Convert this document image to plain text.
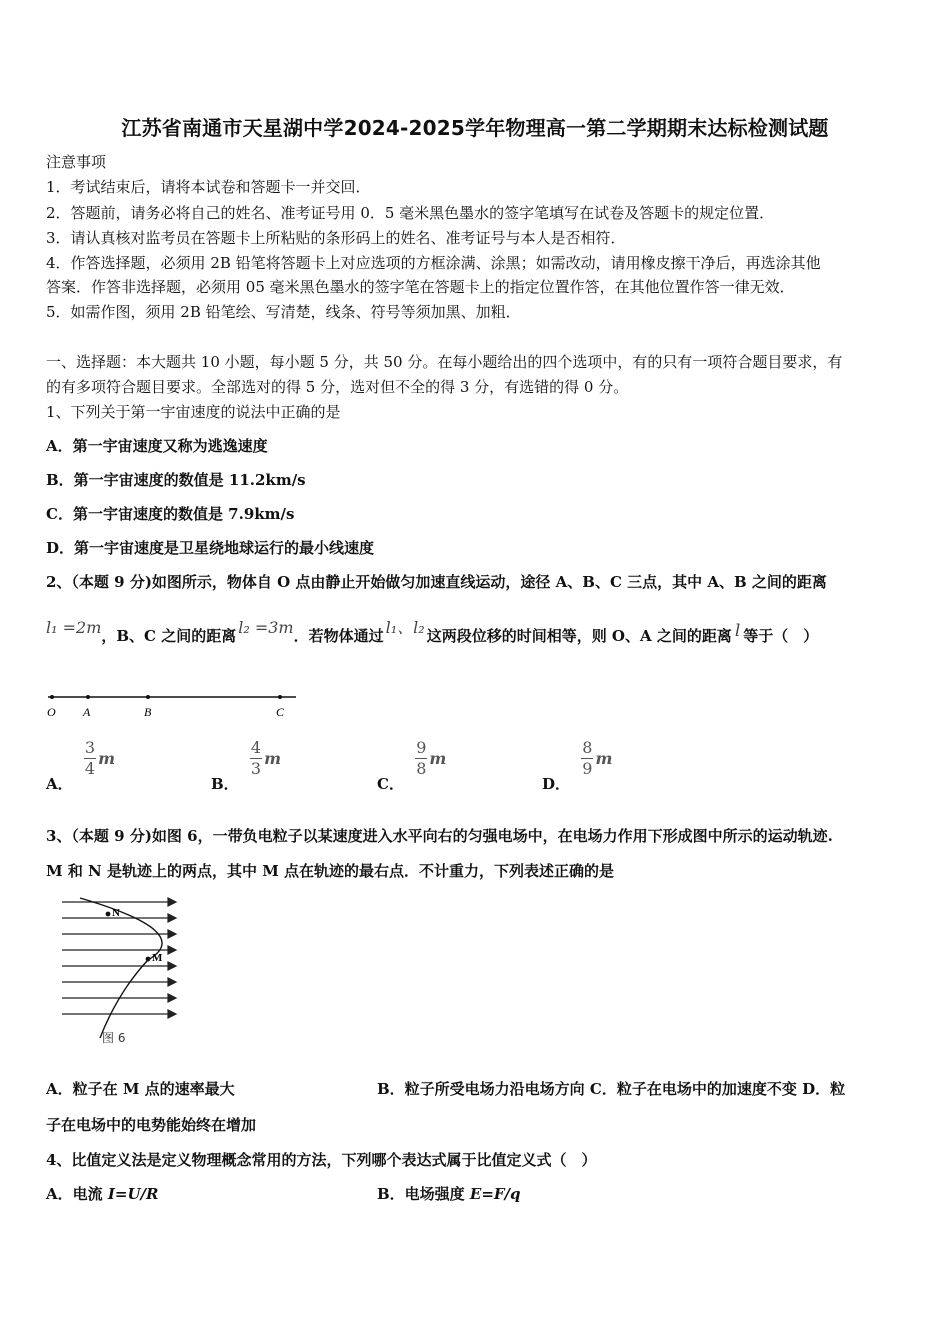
江苏省南通市天星湖中学2024-2025学年物理高一第二学期期末达标检测试题
注意事项
1．考试结束后，请将本试卷和答题卡一并交回．
2．答题前，请务必将自己的姓名、准考证号用 0．5 毫米黑色墨水的签字笔填写在试卷及答题卡的规定位置．
3．请认真核对监考员在答题卡上所粘贴的条形码上的姓名、准考证号与本人是否相符．
4．作答选择题，必须用 2B 铅笔将答题卡上对应选项的方框涂满、涂黑；如需改动，请用橡皮擦干净后，再选涂其他
答案．作答非选择题，必须用 05 毫米黑色墨水的签字笔在答题卡上的指定位置作答，在其他位置作答一律无效．
5．如需作图，须用 2B 铅笔绘、写清楚，线条、符号等须加黑、加粗．
一、选择题：本大题共 10 小题，每小题 5 分，共 50 分。在每小题给出的四个选项中，有的只有一项符合题目要求，有
的有多项符合题目要求。全部选对的得 5 分，选对但不全的得 3 分，有选错的得 0 分。
1、下列关于第一宇宙速度的说法中正确的是
A．第一宇宙速度又称为逃逸速度
B．第一宇宙速度的数值是 11.2km/s
C．第一宇宙速度的数值是 7.9km/s
D．第一宇宙速度是卫星绕地球运行的最小线速度
2、（本题 9 分)如图所示，物体自 O 点由静止开始做匀加速直线运动，途径 A、B、C 三点，其中 A、B 之间的距离
l₁ =2m，B、C 之间的距离 l₂ =3m．若物体通过 l₁、l₂ 这两段位移的时间相等，则 O、A 之间的距离 l 等于（　）
O A	B	C
A．
$\frac{3}{4}$ m
B．
$\frac{4}{3}$ m
C．
$\frac{9}{8}$ m
D．
$\frac{8}{9}$ m
3、（本题 9 分)如图 6，一带负电粒子以某速度进入水平向右的匀强电场中，在电场力作用下形成图中所示的运动轨迹.
M 和 N 是轨迹上的两点，其中 M 点在轨迹的最右点．不计重力，下列表述正确的是
N
M
图 6
A．粒子在 M 点的速率最大	B．粒子所受电场力沿电场方向 C．粒子在电场中的加速度不变 D．粒
子在电场中的电势能始终在增加
4、比值定义法是定义物理概念常用的方法，下列哪个表达式属于比值定义式（　）
A．电流 I=U/R	B．电场强度 E=F/q
